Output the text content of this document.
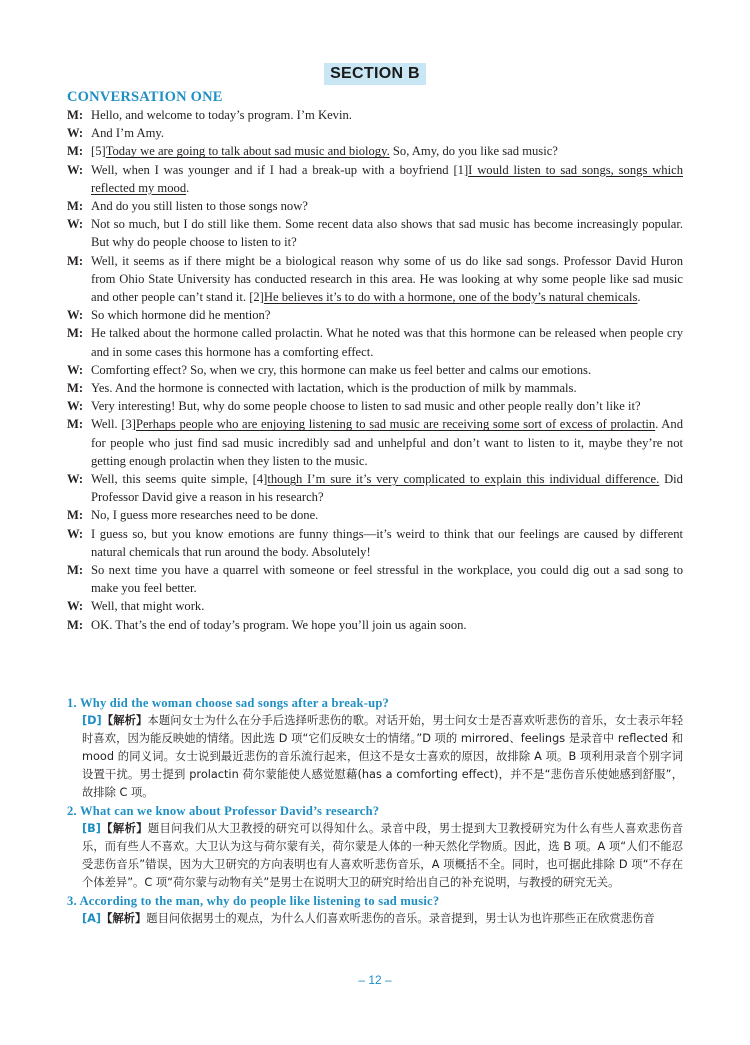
SECTION B
CONVERSATION ONE
M: Hello, and welcome to today’s program. I’m Kevin.
W: And I’m Amy.
M: [5]Today we are going to talk about sad music and biology. So, Amy, do you like sad music?
W: Well, when I was younger and if I had a break-up with a boyfriend [1]I would listen to sad songs, songs which reflected my mood.
M: And do you still listen to those songs now?
W: Not so much, but I do still like them. Some recent data also shows that sad music has become increasingly popular. But why do people choose to listen to it?
M: Well, it seems as if there might be a biological reason why some of us do like sad songs. Professor David Huron from Ohio State University has conducted research in this area. He was looking at why some people like sad music and other people can’t stand it. [2]He believes it’s to do with a hormone, one of the body’s natural chemicals.
W: So which hormone did he mention?
M: He talked about the hormone called prolactin. What he noted was that this hormone can be released when people cry and in some cases this hormone has a comforting effect.
W: Comforting effect? So, when we cry, this hormone can make us feel better and calms our emotions.
M: Yes. And the hormone is connected with lactation, which is the production of milk by mammals.
W: Very interesting! But, why do some people choose to listen to sad music and other people really don’t like it?
M: Well. [3]Perhaps people who are enjoying listening to sad music are receiving some sort of excess of prolactin. And for people who just find sad music incredibly sad and unhelpful and don’t want to listen to it, maybe they’re not getting enough prolactin when they listen to the music.
W: Well, this seems quite simple, [4]though I’m sure it’s very complicated to explain this individual difference. Did Professor David give a reason in his research?
M: No, I guess more researches need to be done.
W: I guess so, but you know emotions are funny things—it’s weird to think that our feelings are caused by different natural chemicals that run around the body. Absolutely!
M: So next time you have a quarrel with someone or feel stressful in the workplace, you could dig out a sad song to make you feel better.
W: Well, that might work.
M: OK. That’s the end of today’s program. We hope you’ll join us again soon.
1. Why did the woman choose sad songs after a break-up?
[D]【解析】本题问女士为什么在分手后选择听悲伤的歌。对话开始，男士问女士是否喜欢听悲伤的音乐，女士表示年轻时喜欢，因为能反映她的情绪。因此选 D 项“它们反映女士的情绪。”D 项的 mirrored、feelings 是录音中 reflected 和 mood 的同义词。女士说到最近悲伤的音乐流行起来，但这不是女士喜欢的原因，故排除 A 项。B 项利用录音个别字词设置干扰。男士提到 prolactin 荷尔蒙能使人感觉慰藉(has a comforting effect)，并不是“悲伤音乐使她感到舒服”，故排除 C 项。
2. What can we know about Professor David’s research?
[B]【解析】题目问我们从大卫教授的研究可以得知什么。录音中段，男士提到大卫教授研究为什么有些人喜欢悲伤音乐，而有些人不喜欢。大卫认为这与荷尔蒙有关，荷尔蒙是人体的一种天然化学物质。因此，选 B 项。A 项“人们不能忍受悲伤音乐”错误，因为大卫研究的方向表明也有人喜欢听悲伤音乐，A 项概括不全。同时，也可据此排除 D 项“不存在个体差异”。C 项“荷尔蒙与动物有关”是男士在说明大卫的研究时给出自己的补充说明，与教授的研究无关。
3. According to the man, why do people like listening to sad music?
[A]【解析】题目问依据男士的观点，为什么人们喜欢听悲伤的音乐。录音提到，男士认为也许那些正在欣赏悲伤音
– 12 –
